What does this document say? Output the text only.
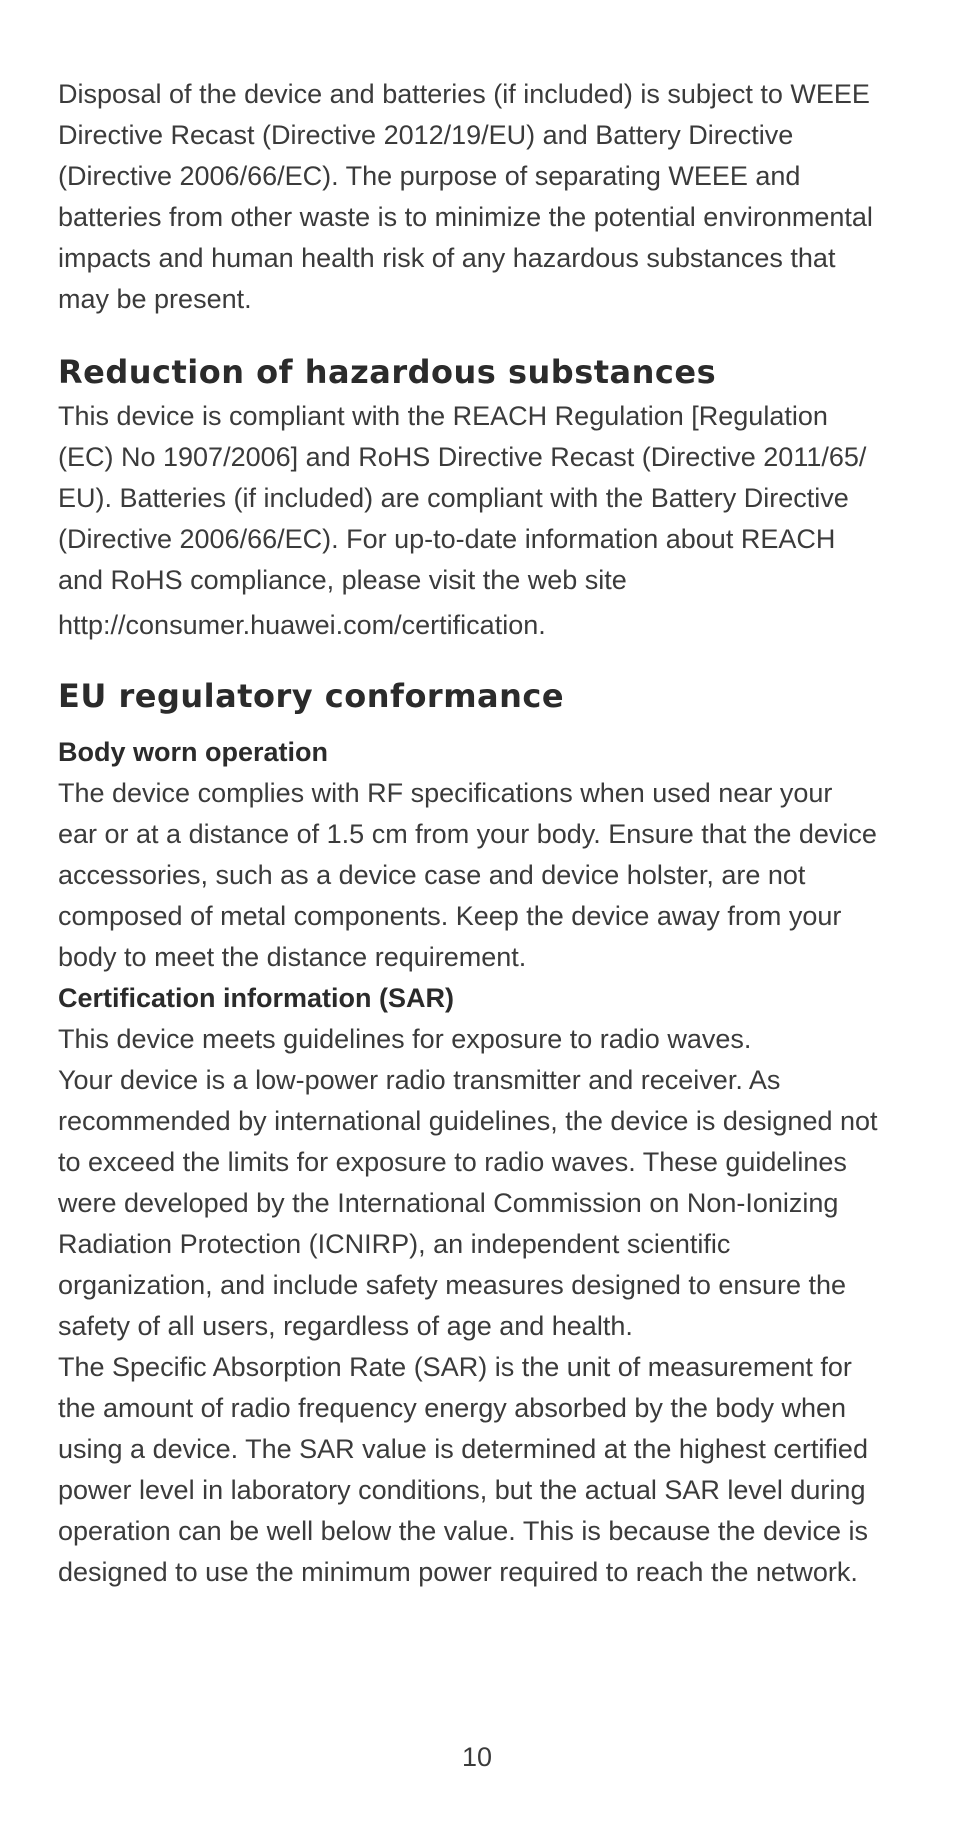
Disposal of the device and batteries (if included) is subject to WEEE Directive Recast (Directive 2012/19/EU) and Battery Directive (Directive 2006/66/EC). The purpose of separating WEEE and batteries from other waste is to minimize the potential environmental impacts and human health risk of any hazardous substances that may be present.

Reduction of hazardous substances

This device is compliant with the REACH Regulation [Regulation (EC) No 1907/2006] and RoHS Directive Recast (Directive 2011/65/ EU). Batteries (if included) are compliant with the Battery Directive (Directive 2006/66/EC). For up-to-date information about REACH and RoHS compliance, please visit the web site

http://consumer.huawei.com/certification.

EU regulatory conformance
Body worn operation

The device complies with RF specifications when used near your ear or at a distance of 1.5 cm from your body. Ensure that the device accessories, such as a device case and device holster, are not composed of metal components. Keep the device away from your body to meet the distance requirement.

Certification information (SAR)

This device meets guidelines for exposure to radio waves.

Your device is a low-power radio transmitter and receiver. As recommended by international guidelines, the device is designed not to exceed the limits for exposure to radio waves. These guidelines were developed by the International Commission on Non-Ionizing Radiation Protection (ICNIRP), an independent scientific organization, and include safety measures designed to ensure the safety of all users, regardless of age and health.

The Specific Absorption Rate (SAR) is the unit of measurement for the amount of radio frequency energy absorbed by the body when using a device. The SAR value is determined at the highest certified power level in laboratory conditions, but the actual SAR level during operation can be well below the value. This is because the device is designed to use the minimum power required to reach the network.

10
